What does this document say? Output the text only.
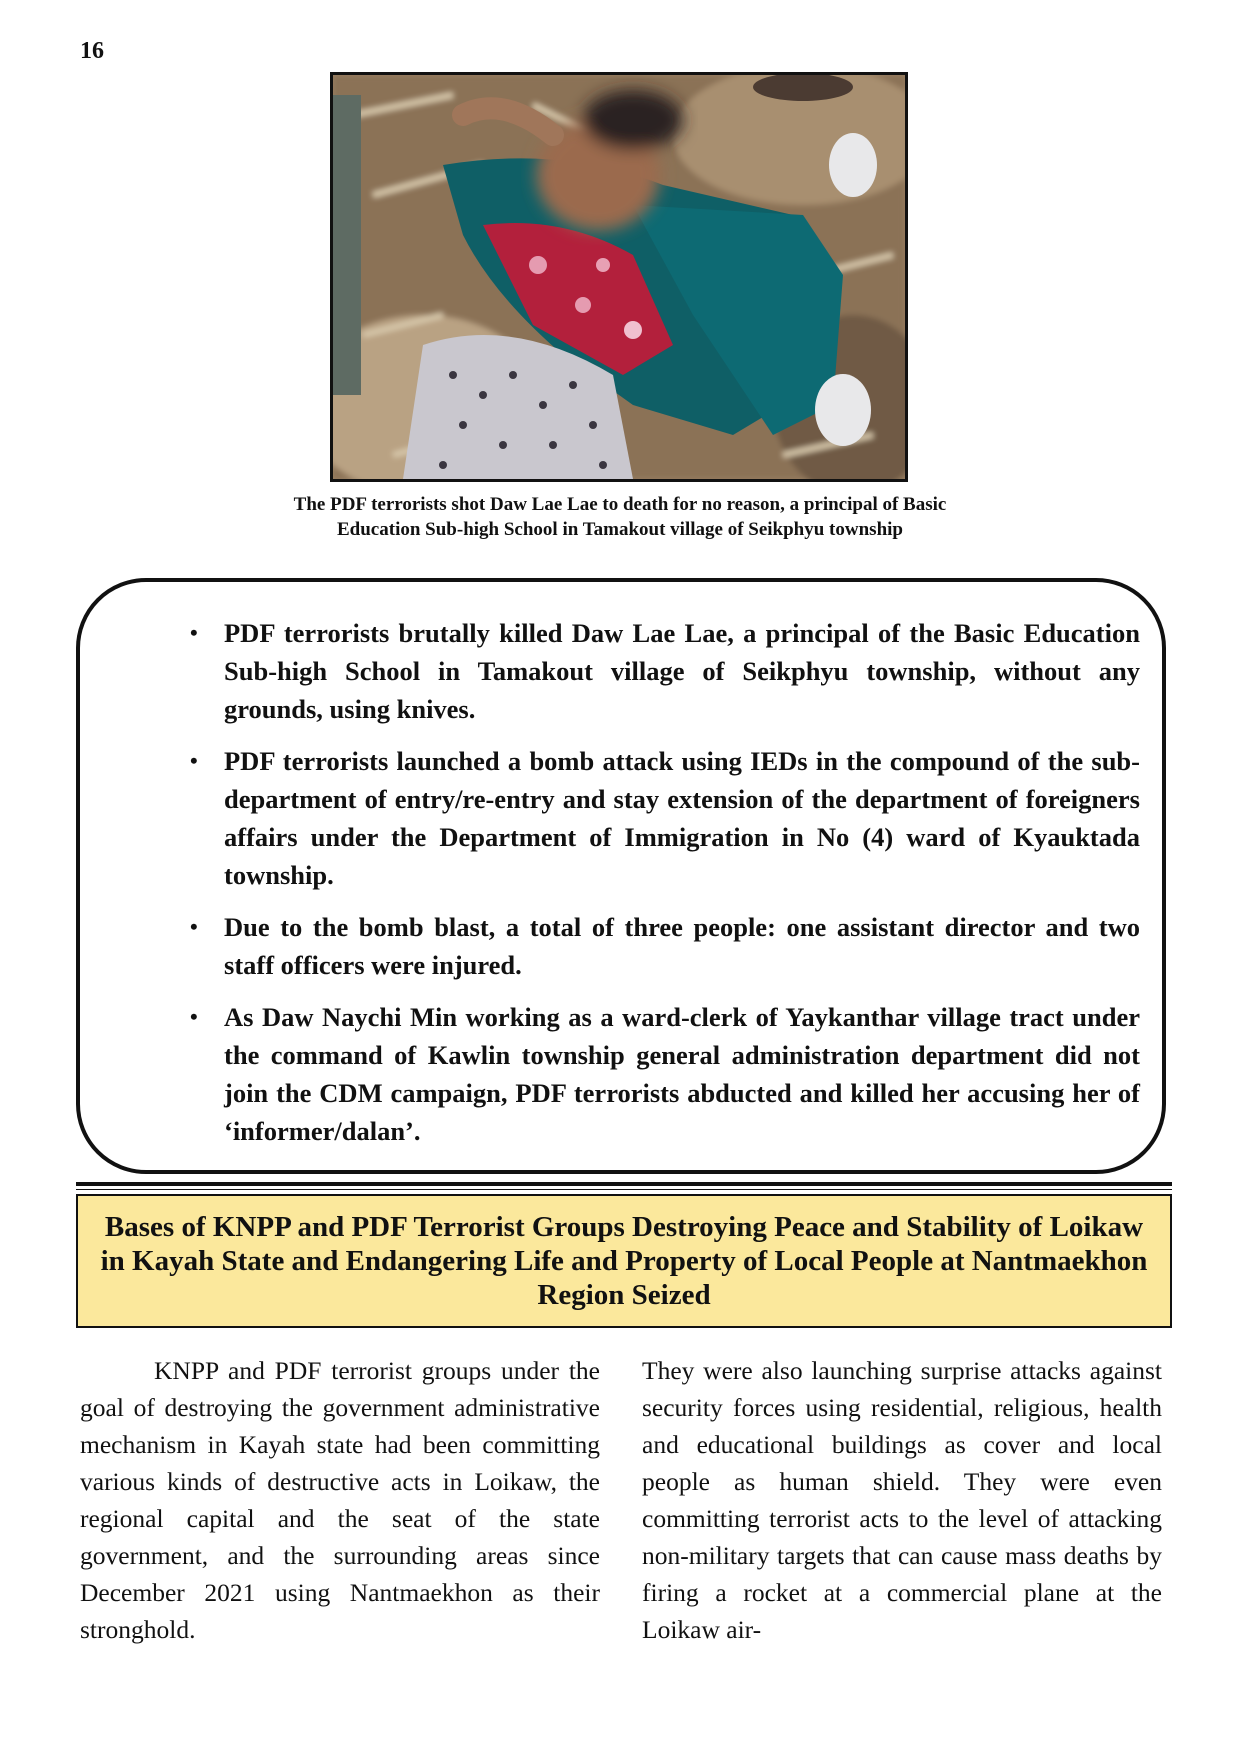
16
The PDF terrorists shot Daw Lae Lae to death for no reason, a principal of Basic Education Sub-high School in Tamakout village of Seikphyu township
• PDF terrorists brutally killed Daw Lae Lae, a principal of the Basic Education Sub-high School in Tamakout village of Seikphyu township, without any grounds, using knives.
• PDF terrorists launched a bomb attack using IEDs in the compound of the sub-department of entry/re-entry and stay extension of the department of foreigners affairs under the Department of Immigration in No (4) ward of Kyauktada township.
• Due to the bomb blast, a total of three people: one assistant director and two staff officers were injured.
• As Daw Naychi Min working as a ward-clerk of Yaykanthar village tract under the command of Kawlin township general administration department did not join the CDM campaign, PDF terrorists abducted and killed her accusing her of ‘informer/dalan’.
Bases of KNPP and PDF Terrorist Groups Destroying Peace and Stability of Loikaw in Kayah State and Endangering Life and Property of Local People at Nantmaekhon Region Seized

KNPP and PDF terrorist groups under the goal of destroying the government administrative mechanism in Kayah state had been committing various kinds of destructive acts in Loikaw, the regional capital and the seat of the state government, and the surrounding areas since December 2021 using Nantmaekhon as their stronghold.

They were also launching surprise attacks against security forces using residential, religious, health and educational buildings as cover and local people as human shield. They were even committing terrorist acts to the level of attacking non-military targets that can cause mass deaths by firing a rocket at a commercial plane at the Loikaw air-
